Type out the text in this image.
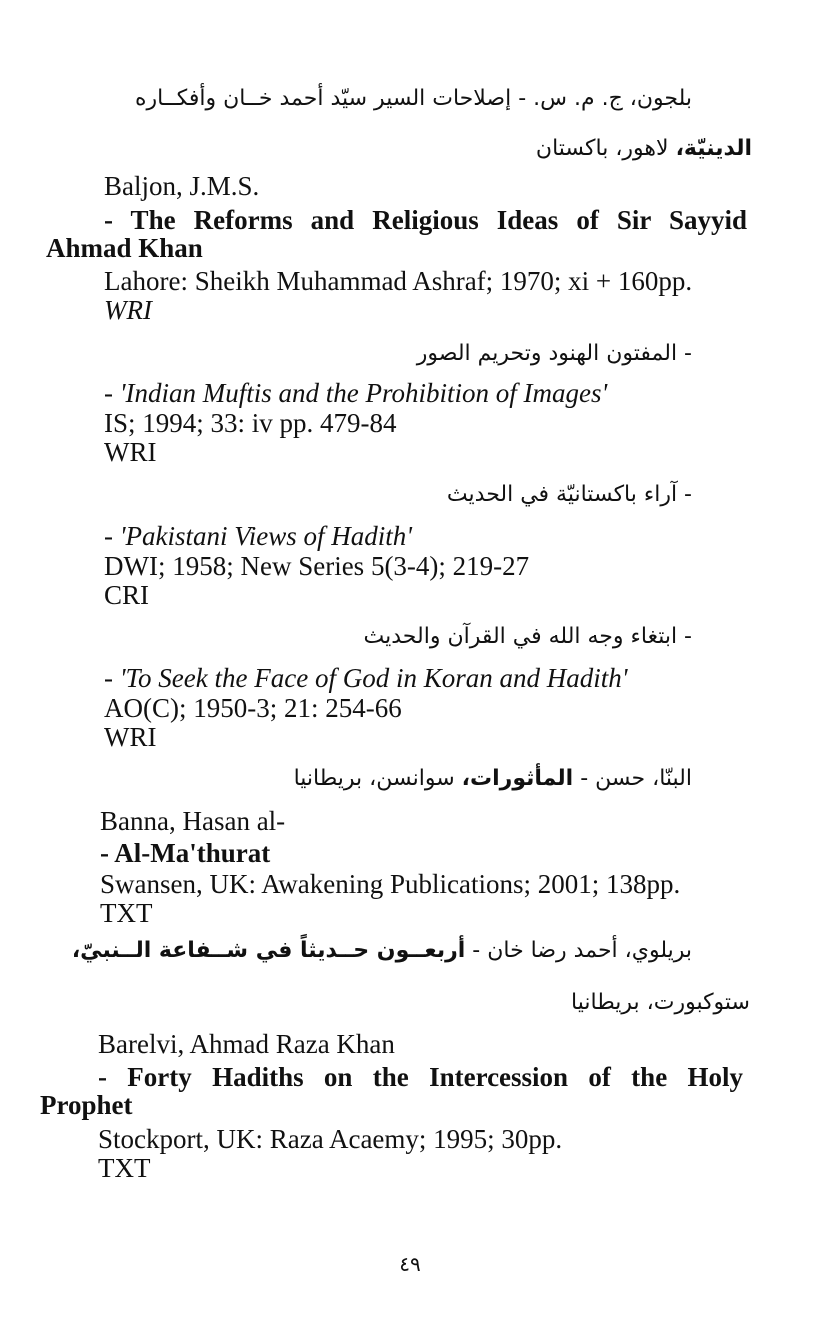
بلجون، ج. م. س. - إصلاحات السير سيّد أحمد خــان وأفكــاره
الدينيّة، لاهور، باكستان
Baljon, J.M.S.
- The Reforms and Religious Ideas of Sir Sayyid
Ahmad Khan
Lahore: Sheikh Muhammad Ashraf; 1970; xi + 160pp.
WRI
- المفتون الهنود وتحريم الصور
- 'Indian Muftis and the Prohibition of Images'
IS; 1994; 33: iv pp. 479-84
WRI
- آراء باكستانيّة في الحديث
- 'Pakistani Views of Hadith'
DWI; 1958; New Series 5(3-4); 219-27
CRI
- ابتغاء وجه الله في القرآن والحديث
- 'To Seek the Face of God in Koran and Hadith'
AO(C); 1950-3; 21: 254-66
WRI
البنّا، حسن - المأثورات، سوانسن، بريطانيا
Banna, Hasan al-
- Al-Ma'thurat
Swansen, UK: Awakening Publications; 2001; 138pp.
TXT
بريلوي، أحمد رضا خان - أربعــون حــديثاً في شــفاعة الــنبيّ،
ستوكبورت، بريطانيا
Barelvi, Ahmad Raza Khan
- Forty Hadiths on the Intercession of the Holy
Prophet
Stockport, UK: Raza Acaemy; 1995; 30pp.
TXT
٤٩
